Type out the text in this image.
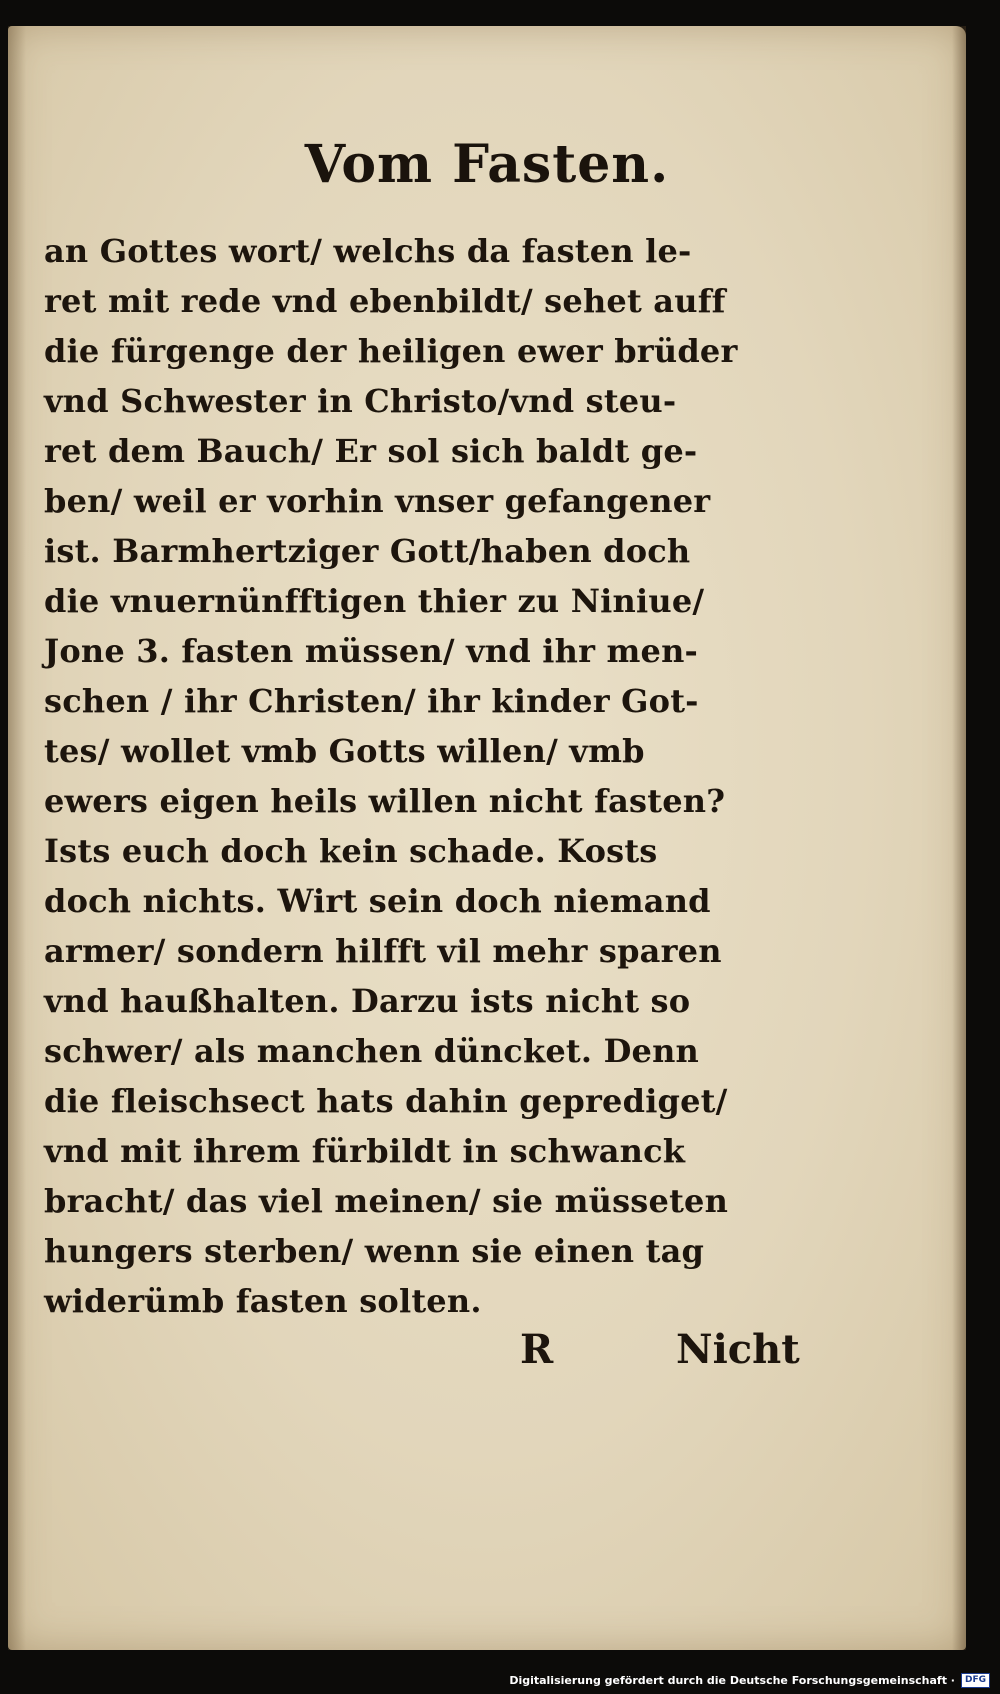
Vom Fasten.
an Gottes wort/ welchs da fasten le-
ret mit rede vnd ebenbildt/ sehet auff
die fürgenge der heiligen ewer brüder
vnd Schwester in Christo/vnd steu-
ret dem Bauch/ Er sol sich baldt ge-
ben/ weil er vorhin vnser gefangener
ist. Barmhertziger Gott/haben doch
die vnuernünfftigen thier zu Niniue/
Jone 3. fasten müssen/ vnd ihr men-
schen / ihr Christen/ ihr kinder Got-
tes/ wollet vmb Gotts willen/ vmb
ewers eigen heils willen nicht fasten?
Ists euch doch kein schade. Kosts
doch nichts. Wirt sein doch niemand
armer/ sondern hilfft vil mehr sparen
vnd haußhalten. Darzu ists nicht so
schwer/ als manchen düncket. Denn
die fleischsect hats dahin geprediget/
vnd mit ihrem fürbildt in schwanck
bracht/ das viel meinen/ sie müsseten
hungers sterben/ wenn sie einen tag
widerümb fasten solten.
R	Nicht
Digitalisierung gefördert durch die Deutsche Forschungsgemeinschaft ·	DFG
